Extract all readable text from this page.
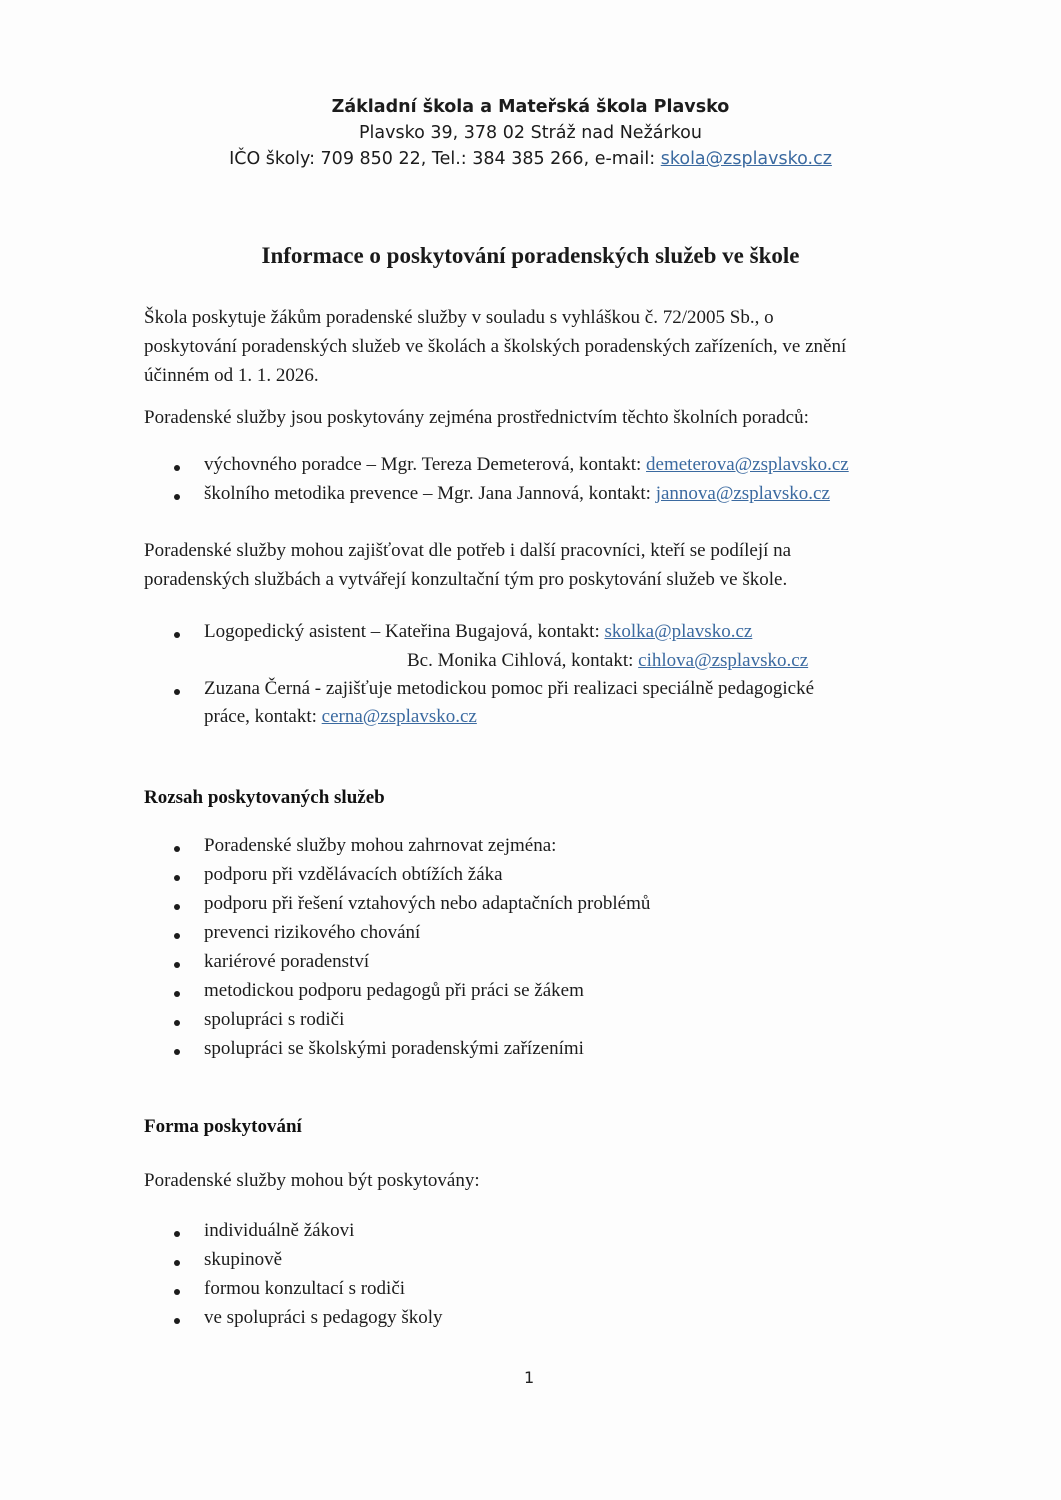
Základní škola a Mateřská škola Plavsko
Plavsko 39, 378 02 Stráž nad Nežárkou
IČO školy: 709 850 22, Tel.: 384 385 266, e-mail: skola@zsplavsko.cz
Informace o poskytování poradenských služeb ve škole
Škola poskytuje žákům poradenské služby v souladu s vyhláškou č. 72/2005 Sb., o
poskytování poradenských služeb ve školách a školských poradenských zařízeních, ve znění
účinném od 1. 1. 2026.
Poradenské služby jsou poskytovány zejména prostřednictvím těchto školních poradců:
výchovného poradce – Mgr. Tereza Demeterová, kontakt: demeterova@zsplavsko.cz
školního metodika prevence – Mgr. Jana Jannová, kontakt: jannova@zsplavsko.cz
Poradenské služby mohou zajišťovat dle potřeb i další pracovníci, kteří se podílejí na
poradenských službách a vytvářejí konzultační tým pro poskytování služeb ve škole.
Logopedický asistent – Kateřina Bugajová, kontakt: skolka@plavsko.cz
Bc. Monika Cihlová, kontakt: cihlova@zsplavsko.cz
Zuzana Černá - zajišťuje metodickou pomoc při realizaci speciálně pedagogické
práce, kontakt: cerna@zsplavsko.cz
Rozsah poskytovaných služeb
Poradenské služby mohou zahrnovat zejména:
podporu při vzdělávacích obtížích žáka
podporu při řešení vztahových nebo adaptačních problémů
prevenci rizikového chování
kariérové poradenství
metodickou podporu pedagogů při práci se žákem
spolupráci s rodiči
spolupráci se školskými poradenskými zařízeními
Forma poskytování
Poradenské služby mohou být poskytovány:
individuálně žákovi
skupinově
formou konzultací s rodiči
ve spolupráci s pedagogy školy
1
